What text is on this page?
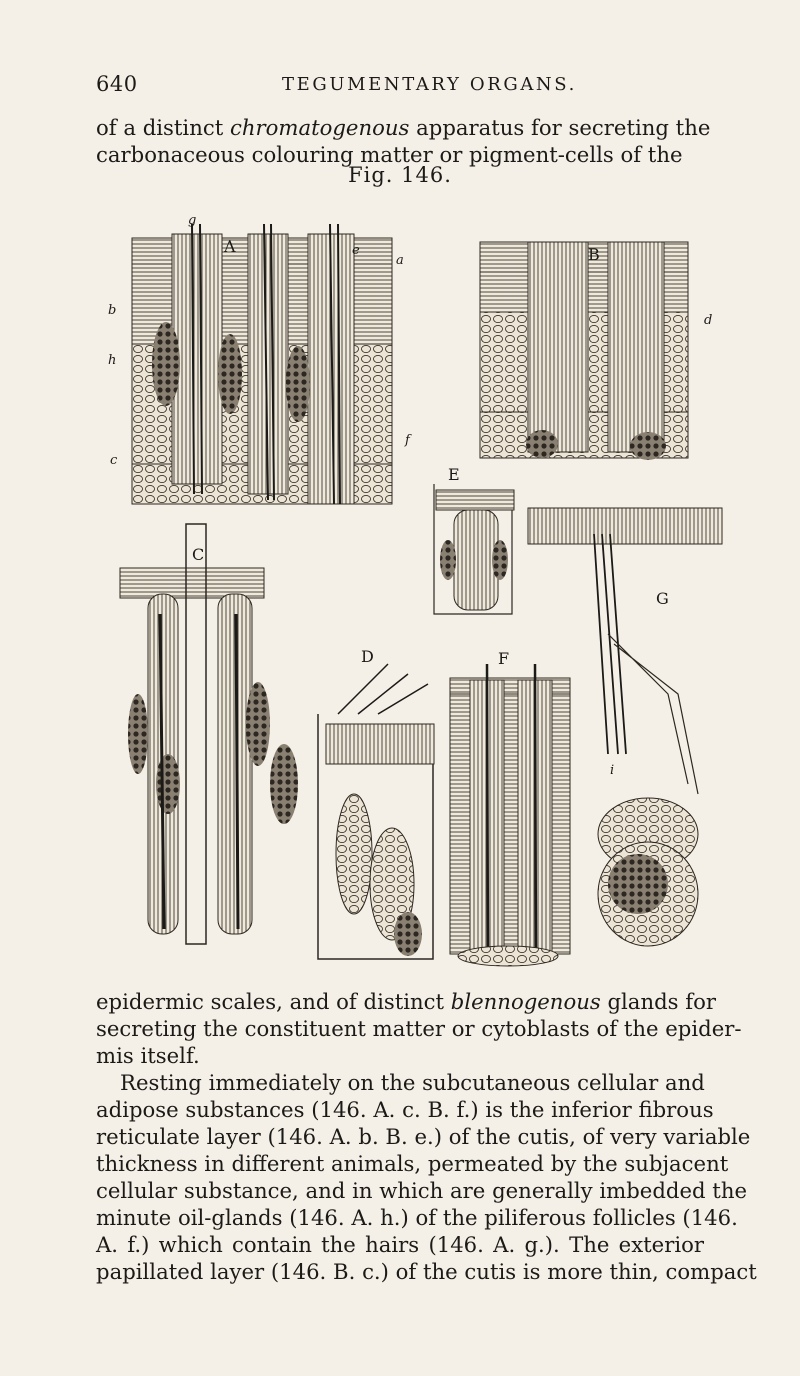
640	TEGUMENTARY ORGANS.
of a distinct chromatogenous apparatus for secreting the
carbonaceous colouring matter or pigment-cells of the
Fig. 146.
A	B
C
D
E
F
G
g
a
b
h
c
f
d
e
i
epidermic scales, and of distinct blennogenous glands for
secreting the constituent matter or cytoblasts of the epider-
mis itself.
Resting immediately on the subcutaneous cellular and
adipose substances (146. A. c. B. f.) is the inferior fibrous
reticulate layer (146. A. b. B. e.) of the cutis, of very variable
thickness in different animals, permeated by the subjacent
cellular substance, and in which are generally imbedded the
minute oil-glands (146. A. h.) of the piliferous follicles (146.
A. f.) which contain the hairs (146. A. g.). The exterior
papillated layer (146. B. c.) of the cutis is more thin, compact
